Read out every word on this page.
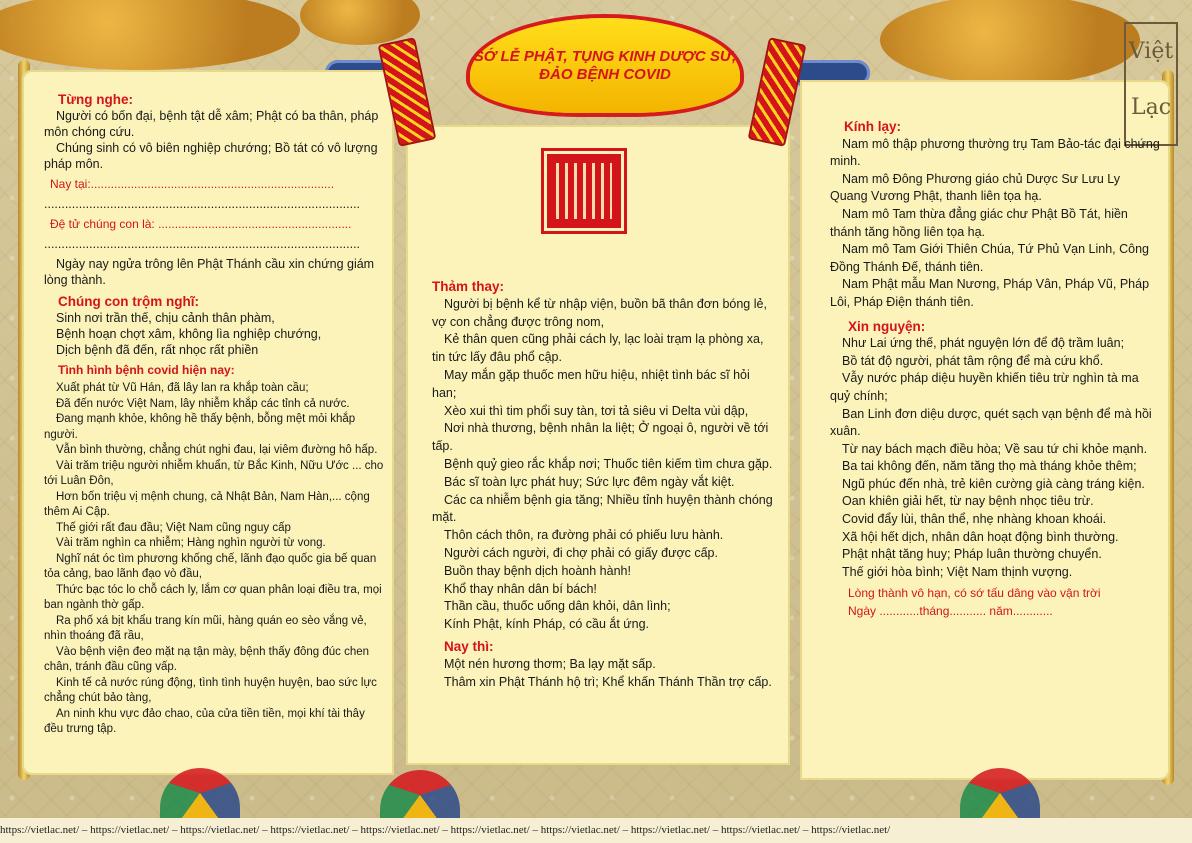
SỚ LỄ PHẬT, TỤNG KINH DƯỢC SƯ, ĐẢO BỆNH COVID
Việt Lạc

Từng nghe:

Người có bốn đại, bệnh tật dễ xâm; Phật có ba thân, pháp môn chóng cứu.

Chúng sinh có vô biên nghiệp chướng; Bồ tát có vô lượng pháp môn.

Nay tại:.........................................................................

...........................................................................................

Đệ tử chúng con là: ..........................................................

...........................................................................................

Ngày nay ngửa trông lên Phật Thánh cầu xin chứng giám lòng thành.

Chúng con trộm nghĩ:

Sinh nơi trần thế, chịu cảnh thân phàm,

Bệnh hoạn chợt xâm, không lìa nghiệp chướng,

Dịch bệnh đã đến, rất nhọc rất phiền

Tình hình bệnh covid hiện nay:

Xuất phát từ Vũ Hán, đã lây lan ra khắp toàn cầu;

Đã đến nước Việt Nam, lây nhiễm khắp các tỉnh cả nước.

Đang mạnh khỏe, không hề thấy bệnh, bỗng mệt mỏi khắp người.

Vẫn bình thường, chẳng chút nghi đau, lại viêm đường hô hấp.

Vài trăm triệu người nhiễm khuẩn, từ Bắc Kinh, Nữu Ước ... cho tới Luân Đôn,

Hơn bốn triệu vị mệnh chung, cả Nhật Bản, Nam Hàn,... cộng thêm Ai Cập.

Thế giới rất đau đầu; Việt Nam cũng nguy cấp

Vài trăm nghìn ca nhiễm; Hàng nghìn người từ vong.

Nghĩ nát óc tìm phương khống chế, lãnh đạo quốc gia bế quan tỏa cảng, bao lãnh đạo vò đầu,

Thức bạc tóc lo chỗ cách ly, lắm cơ quan phân loại điều tra, mọi ban ngành thờ gấp.

Ra phố xá bịt khẩu trang kín mũi, hàng quán eo sèo vắng vẻ, nhìn thoáng đã rầu,

Vào bệnh viện đeo mặt nạ tận mày, bệnh thấy đông đúc chen chân, tránh đầu cũng vấp.

Kinh tế cả nước rúng động, tình tình huyện huyện, bao sức lực chẳng chút bảo tàng,

An ninh khu vực đảo chao, của cửa tiền tiền, mọi khí tài thây đều trưng tập.

Thảm thay:

Người bị bệnh kể từ nhập viện, buồn bã thân đơn bóng lẻ, vợ con chẳng được trông nom,

Kẻ thân quen cũng phải cách ly, lạc loài trạm lạ phòng xa, tin tức lấy đâu phổ cập.

May mắn gặp thuốc men hữu hiệu, nhiệt tình bác sĩ hỏi han;

Xèo xui thì tim phổi suy tàn, tơi tả siêu vi Delta vùi dập,

Nơi nhà thương, bệnh nhân la liệt; Ở ngoại ô, người về tới tấp.

Bệnh quỷ gieo rắc khắp nơi; Thuốc tiên kiếm tìm chưa gặp.

Bác sĩ toàn lực phát huy; Sức lực đêm ngày vắt kiệt.

Các ca nhiễm bệnh gia tăng; Nhiều tỉnh huyện thành chóng mặt.

Thôn cách thôn, ra đường phải có phiếu lưu hành.

Người cách người, đi chợ phải có giấy được cấp.

Buồn thay bệnh dịch hoành hành!

Khổ thay nhân dân bí bách!

Thần cầu, thuốc uống dân khỏi, dân lình;

Kính Phật, kính Pháp, có cầu ắt ứng.

Nay thì:

Một nén hương thơm; Ba lạy mặt sấp.

Thâm xin Phật Thánh hộ trì; Khể khấn Thánh Thần trợ cấp.

Kính lạy:

Nam mô thập phương thường trụ Tam Bảo-tác đại chứng minh.

Nam mô Đông Phương giáo chủ Dược Sư Lưu Ly Quang Vương Phật, thanh liên tọa hạ.

Nam mô Tam thừa đẳng giác chư Phật Bồ Tát, hiền thánh tăng hồng liên tọa hạ.

Nam mô Tam Giới Thiên Chúa, Tứ Phủ Vạn Linh, Công Đồng Thánh Đế, thánh tiên.

Nam Phật mẫu Man Nương, Pháp Vân, Pháp Vũ, Pháp Lôi, Pháp Điện thánh tiên.

Xin nguyện:

Như Lai ứng thế, phát nguyện lớn để độ trầm luân;

Bồ tát độ người, phát tâm rộng để mà cứu khổ.

Vẫy nước pháp diệu huyền khiến tiêu trừ nghìn tà ma quỷ chính;

Ban Linh đơn diệu dược, quét sạch vạn bệnh để mà hồi xuân.

Từ nay bách mạch điều hòa; Về sau tứ chi khỏe mạnh.

Ba tai không đến, năm tăng thọ mà tháng khỏe thêm;

Ngũ phúc đến nhà, trẻ kiên cường già càng tráng kiện.

Oan khiên giải hết, từ nay bệnh nhọc tiêu trừ.

Covid đẩy lùi, thân thể, nhẹ nhàng khoan khoái.

Xã hội hết dịch, nhân dân hoạt động bình thường.

Phật nhật tăng huy; Pháp luân thường chuyển.

Thế giới hòa bình; Việt Nam thịnh vượng.

Lòng thành vô hạn, có sớ tấu dâng vào vận trời

Ngày ............tháng........... năm............

https://vietlac.net/ – https://vietlac.net/ – https://vietlac.net/ – https://vietlac.net/ – https://vietlac.net/ – https://vietlac.net/ – https://vietlac.net/ – https://vietlac.net/ – https://vietlac.net/ – https://vietlac.net/
